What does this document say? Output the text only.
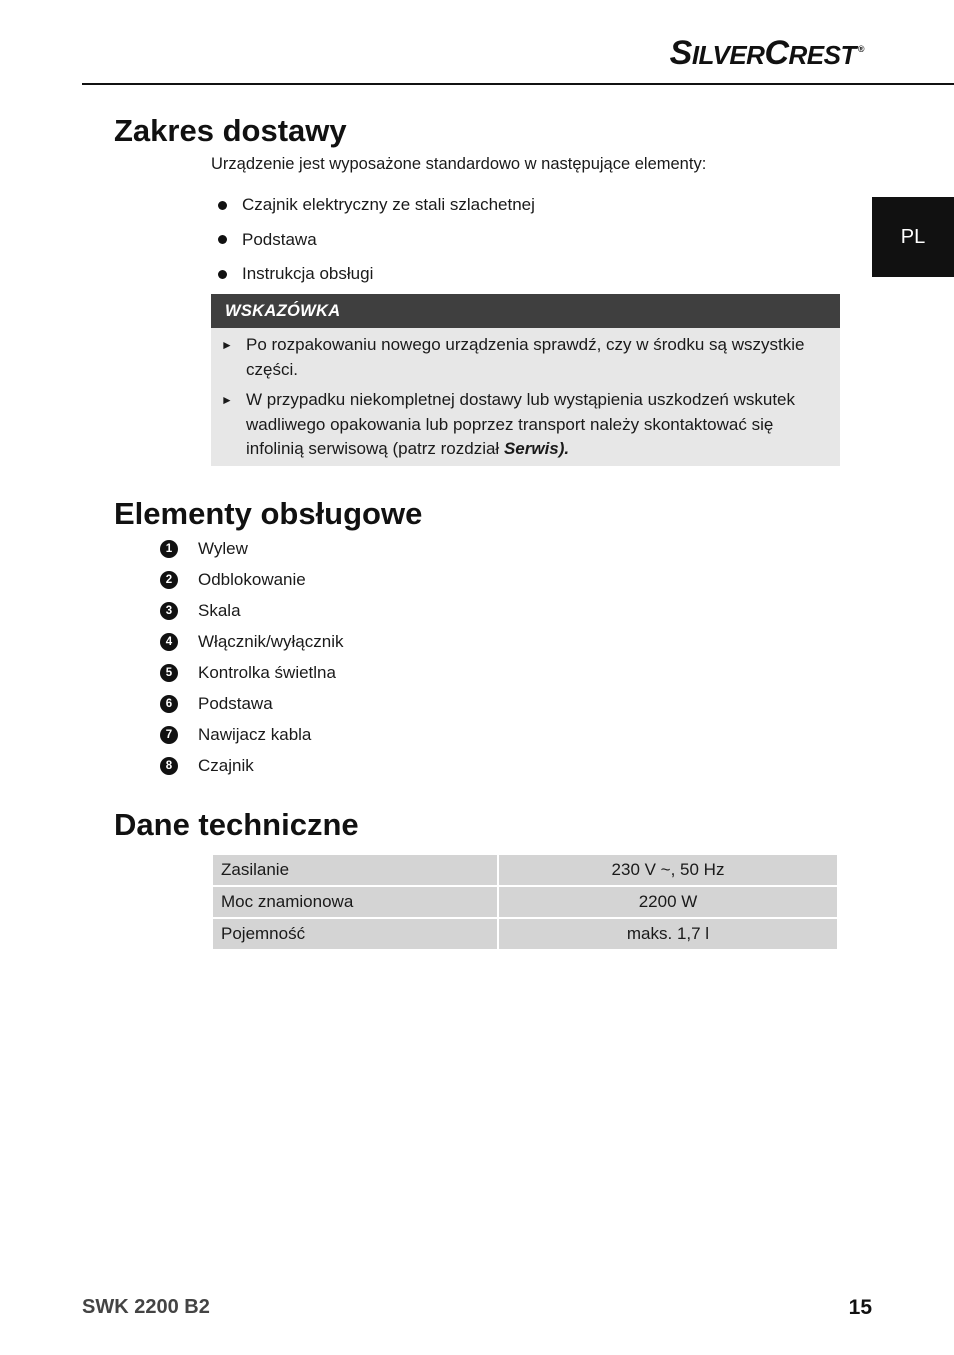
SILVERCREST ®
PL
Zakres dostawy
Urządzenie jest wyposażone standardowo w następujące elementy:
Czajnik elektryczny ze stali szlachetnej
Podstawa
Instrukcja obsługi
WSKAZÓWKA
► Po rozpakowaniu nowego urządzenia sprawdź, czy w środku są wszystkie części.
► W przypadku niekompletnej dostawy lub wystąpienia uszkodzeń wskutek wadliwego opakowania lub poprzez transport należy skontaktować się infolinią serwisową (patrz rozdział Serwis).
Elementy obsługowe
1	Wylew
2	Odblokowanie
3	Skala
4	Włącznik/wyłącznik
5	Kontrolka świetlna
6	Podstawa
7	Nawijacz kabla
8	Czajnik
Dane techniczne
Zasilanie	230 V ~, 50 Hz
Moc znamionowa	2200 W
Pojemność	maks. 1,7 l
SWK 2200 B2	15
